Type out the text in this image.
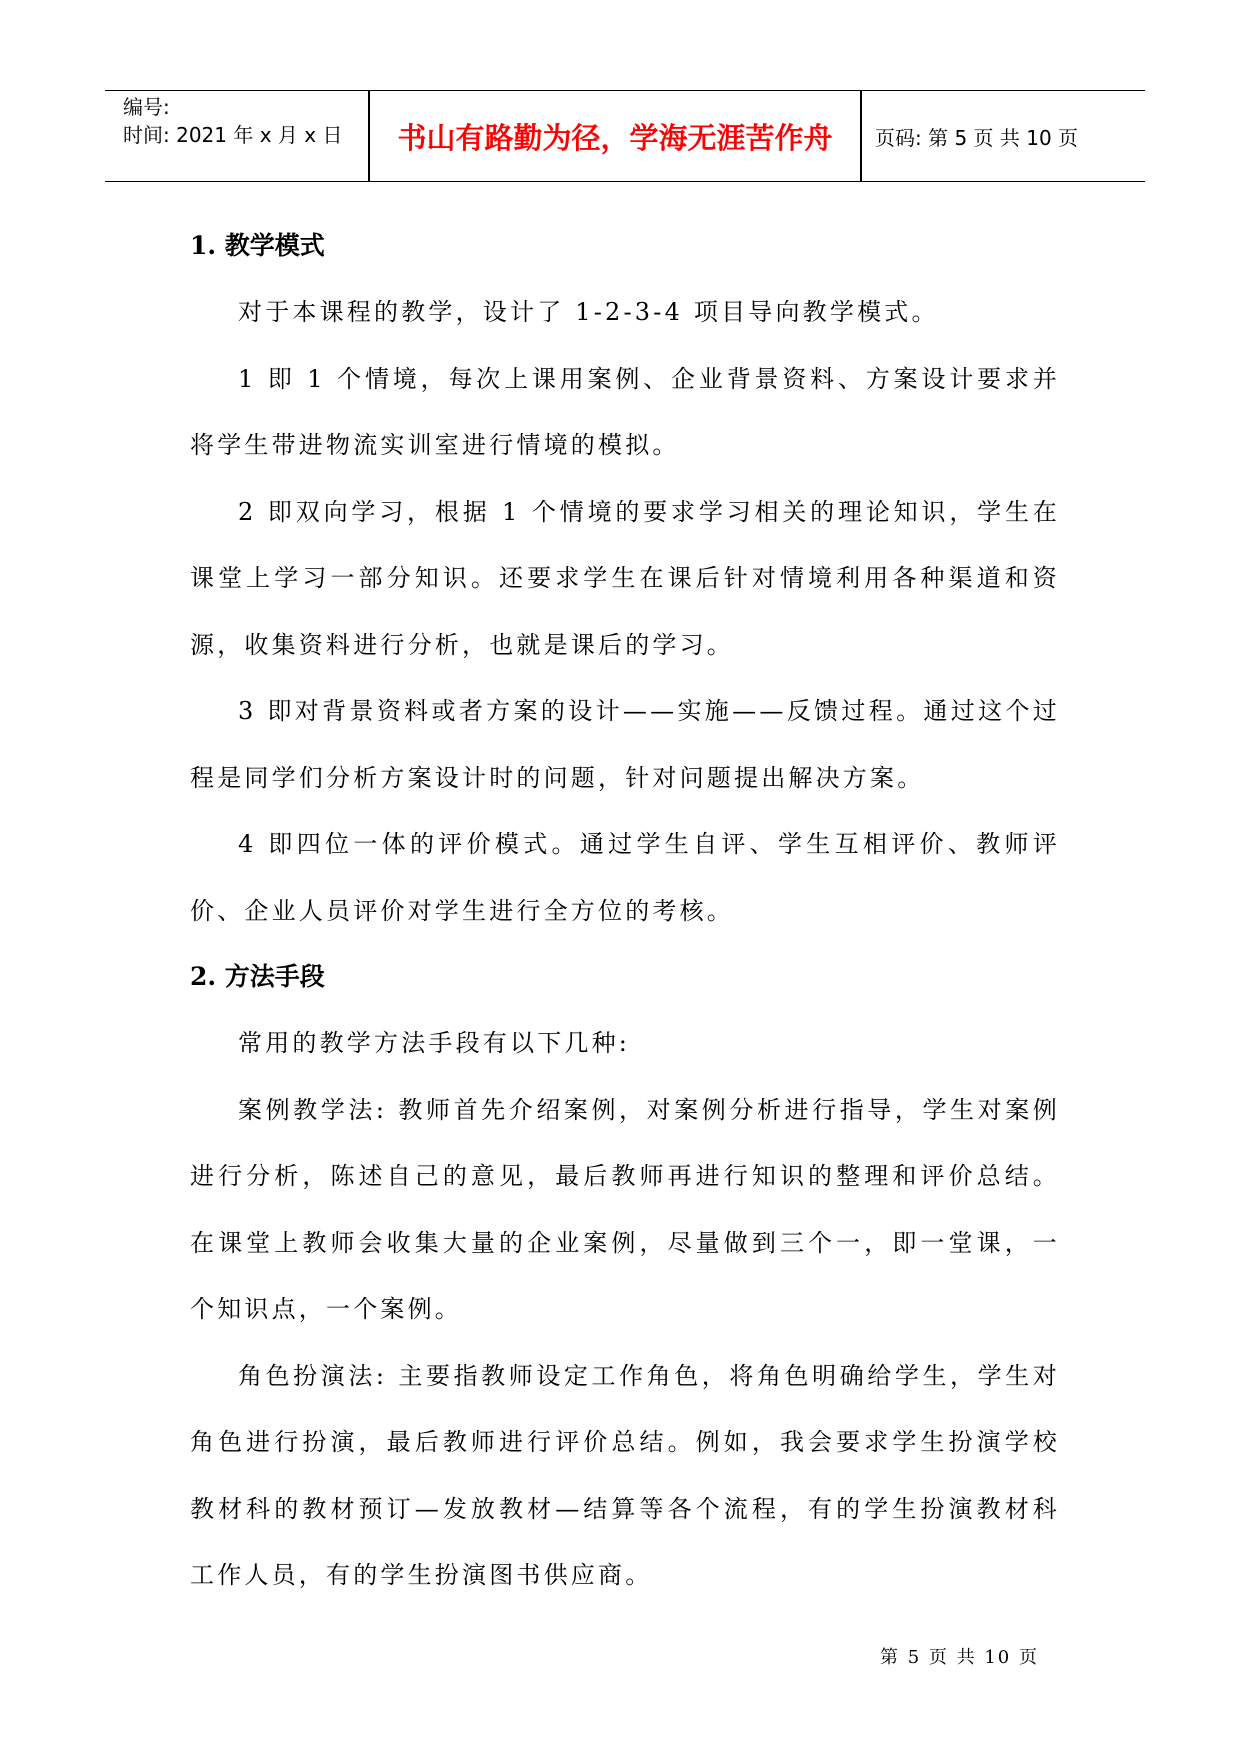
编号:
时间: 2021 年 x 月 x 日	书山有路勤为径，学海无涯苦作舟	页码: 第 5 页 共 10 页
1. 教学模式

对于本课程的教学，设计了 1-2-3-4 项目导向教学模式。

1 即 1 个情境，每次上课用案例、企业背景资料、方案设计要求并将学生带进物流实训室进行情境的模拟。

2 即双向学习，根据 1 个情境的要求学习相关的理论知识，学生在课堂上学习一部分知识。还要求学生在课后针对情境利用各种渠道和资源，收集资料进行分析，也就是课后的学习。

3 即对背景资料或者方案的设计——实施——反馈过程。通过这个过程是同学们分析方案设计时的问题，针对问题提出解决方案。

4 即四位一体的评价模式。通过学生自评、学生互相评价、教师评价、企业人员评价对学生进行全方位的考核。

2. 方法手段

常用的教学方法手段有以下几种:

案例教学法: 教师首先介绍案例，对案例分析进行指导，学生对案例进行分析，陈述自己的意见，最后教师再进行知识的整理和评价总结。在课堂上教师会收集大量的企业案例，尽量做到三个一，即一堂课，一个知识点，一个案例。

角色扮演法: 主要指教师设定工作角色，将角色明确给学生，学生对角色进行扮演，最后教师进行评价总结。例如，我会要求学生扮演学校教材科的教材预订—发放教材—结算等各个流程，有的学生扮演教材科工作人员，有的学生扮演图书供应商。

第 5 页 共 10 页
